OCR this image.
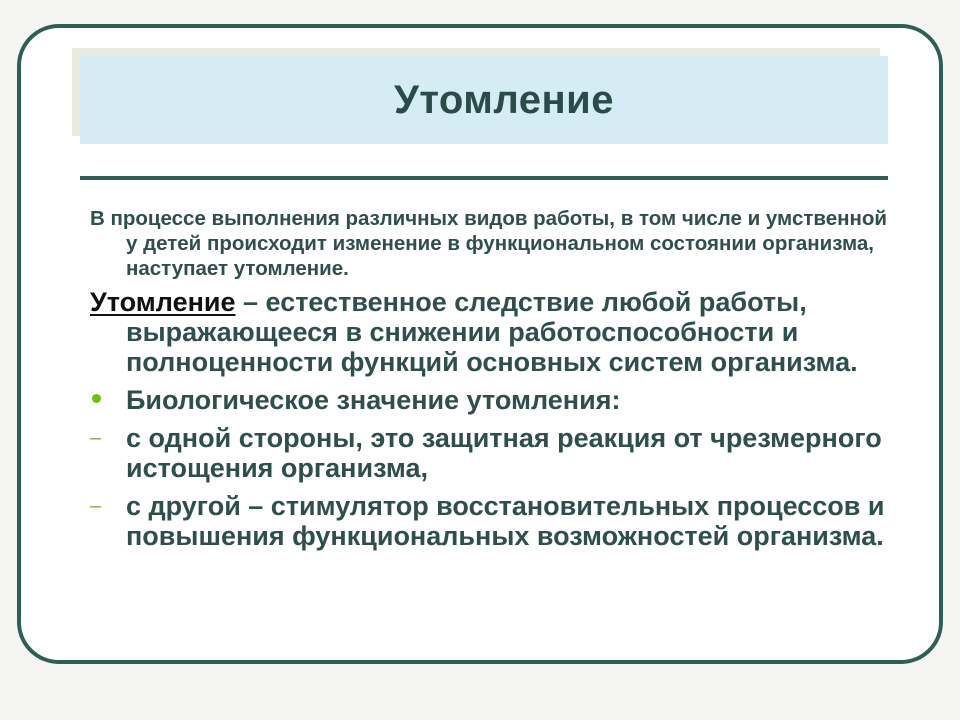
Утомление
В процессе выполнения различных видов работы, в том числе и умственной у детей происходит изменение в функциональном состоянии организма, наступает утомление.
Утомление – естественное следствие любой работы, выражающееся в снижении работоспособности и полноценности функций основных систем организма.
Биологическое значение утомления:
– с одной стороны, это защитная реакция от чрезмерного истощения организма,
– с другой – стимулятор восстановительных процессов и повышения функциональных возможностей организма.
